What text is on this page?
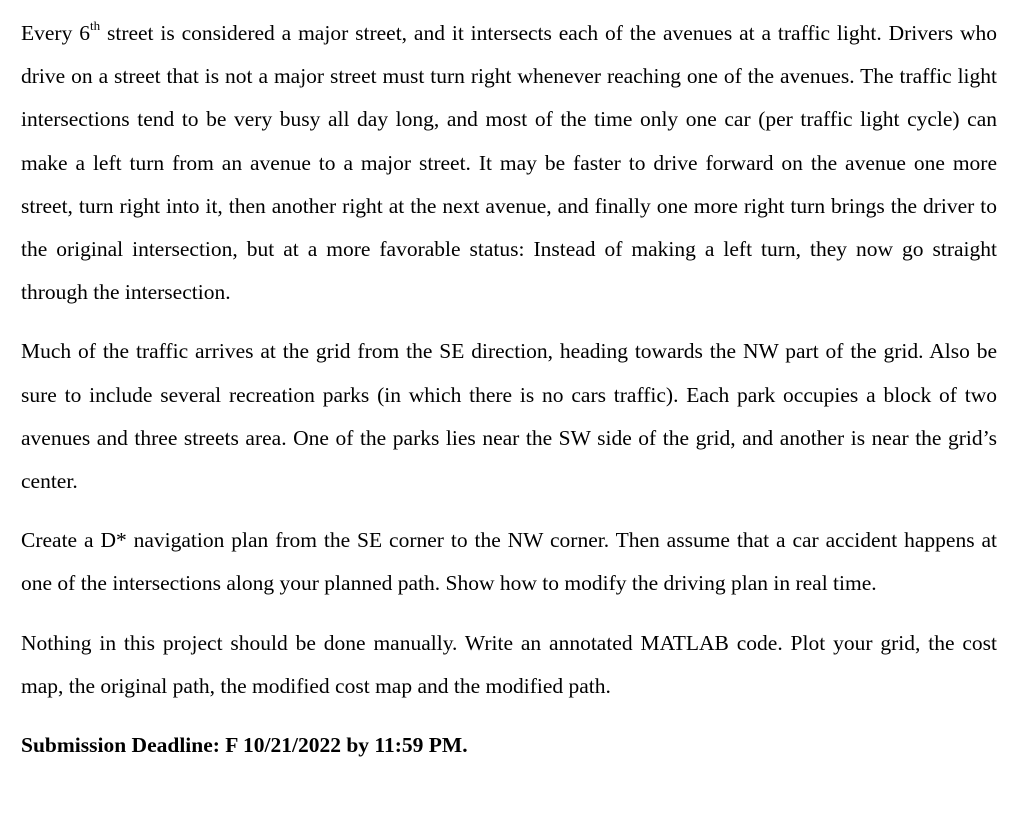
Every 6th street is considered a major street, and it intersects each of the avenues at a traffic light. Drivers who drive on a street that is not a major street must turn right whenever reaching one of the avenues. The traffic light intersections tend to be very busy all day long, and most of the time only one car (per traffic light cycle) can make a left turn from an avenue to a major street. It may be faster to drive forward on the avenue one more street, turn right into it, then another right at the next avenue, and finally one more right turn brings the driver to the original intersection, but at a more favorable status: Instead of making a left turn, they now go straight through the intersection.

Much of the traffic arrives at the grid from the SE direction, heading towards the NW part of the grid. Also be sure to include several recreation parks (in which there is no cars traffic). Each park occupies a block of two avenues and three streets area. One of the parks lies near the SW side of the grid, and another is near the grid’s center.

Create a D* navigation plan from the SE corner to the NW corner. Then assume that a car accident happens at one of the intersections along your planned path. Show how to modify the driving plan in real time.

Nothing in this project should be done manually. Write an annotated MATLAB code. Plot your grid, the cost map, the original path, the modified cost map and the modified path.

Submission Deadline: F 10/21/2022 by 11:59 PM.
